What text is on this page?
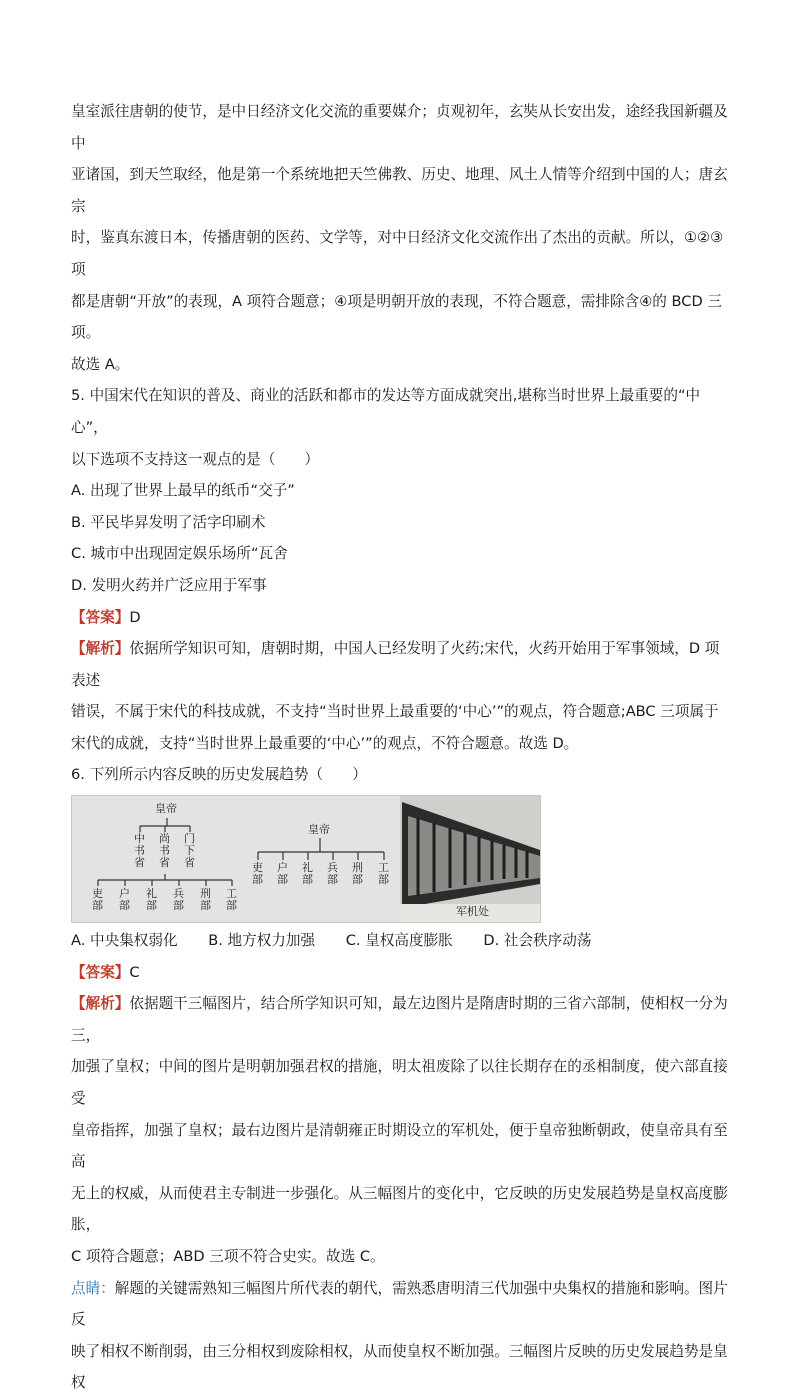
皇室派往唐朝的使节，是中日经济文化交流的重要媒介；贞观初年，玄奘从长安出发，途经我国新疆及中

亚诸国，到天竺取经，他是第一个系统地把天竺佛教、历史、地理、风土人情等介绍到中国的人；唐玄宗

时，鉴真东渡日本，传播唐朝的医药、文学等，对中日经济文化交流作出了杰出的贡献。所以，①②③项

都是唐朝“开放”的表现，A 项符合题意；④项是明朝开放的表现，不符合题意，需排除含④的 BCD 三项。

故选 A。

5. 中国宋代在知识的普及、商业的活跃和都市的发达等方面成就突出,堪称当时世界上最重要的“中心”，

以下选项不支持这一观点的是（　　）

A. 出现了世界上最早的纸币“交子”

B. 平民毕昇发明了活字印刷术

C. 城市中出现固定娱乐场所“瓦舍

D. 发明火药并广泛应用于军事

【答案】D

【解析】依据所学知识可知，唐朝时期，中国人已经发明了火药;宋代，火药开始用于军事领域，D 项表述

错误，不属于宋代的科技成就，不支持“当时世界上最重要的‘中心’”的观点，符合题意;ABC 三项属于

宋代的成就，支持“当时世界上最重要的‘中心’”的观点，不符合题意。故选 D。

6. 下列所示内容反映的历史发展趋势（　　）

皇帝
中书省
尚书省
门下省
吏部
户部
礼部
兵部
刑部
工部
皇帝
吏部
户部
礼部
兵部
刑部
工部
军机处

A. 中央集权弱化 B. 地方权力加强 C. 皇权高度膨胀 D. 社会秩序动荡

【答案】C

【解析】依据题干三幅图片，结合所学知识可知，最左边图片是隋唐时期的三省六部制，使相权一分为三，

加强了皇权；中间的图片是明朝加强君权的措施，明太祖废除了以往长期存在的丞相制度，使六部直接受

皇帝指挥，加强了皇权；最右边图片是清朝雍正时期设立的军机处，便于皇帝独断朝政，使皇帝具有至高

无上的权威，从而使君主专制进一步强化。从三幅图片的变化中，它反映的历史发展趋势是皇权高度膨胀，

C 项符合题意；ABD 三项不符合史实。故选 C。

点睛：解题的关键需熟知三幅图片所代表的朝代，需熟悉唐明清三代加强中央集权的措施和影响。图片反

映了相权不断削弱，由三分相权到废除相权，从而使皇权不断加强。三幅图片反映的历史发展趋势是皇权
